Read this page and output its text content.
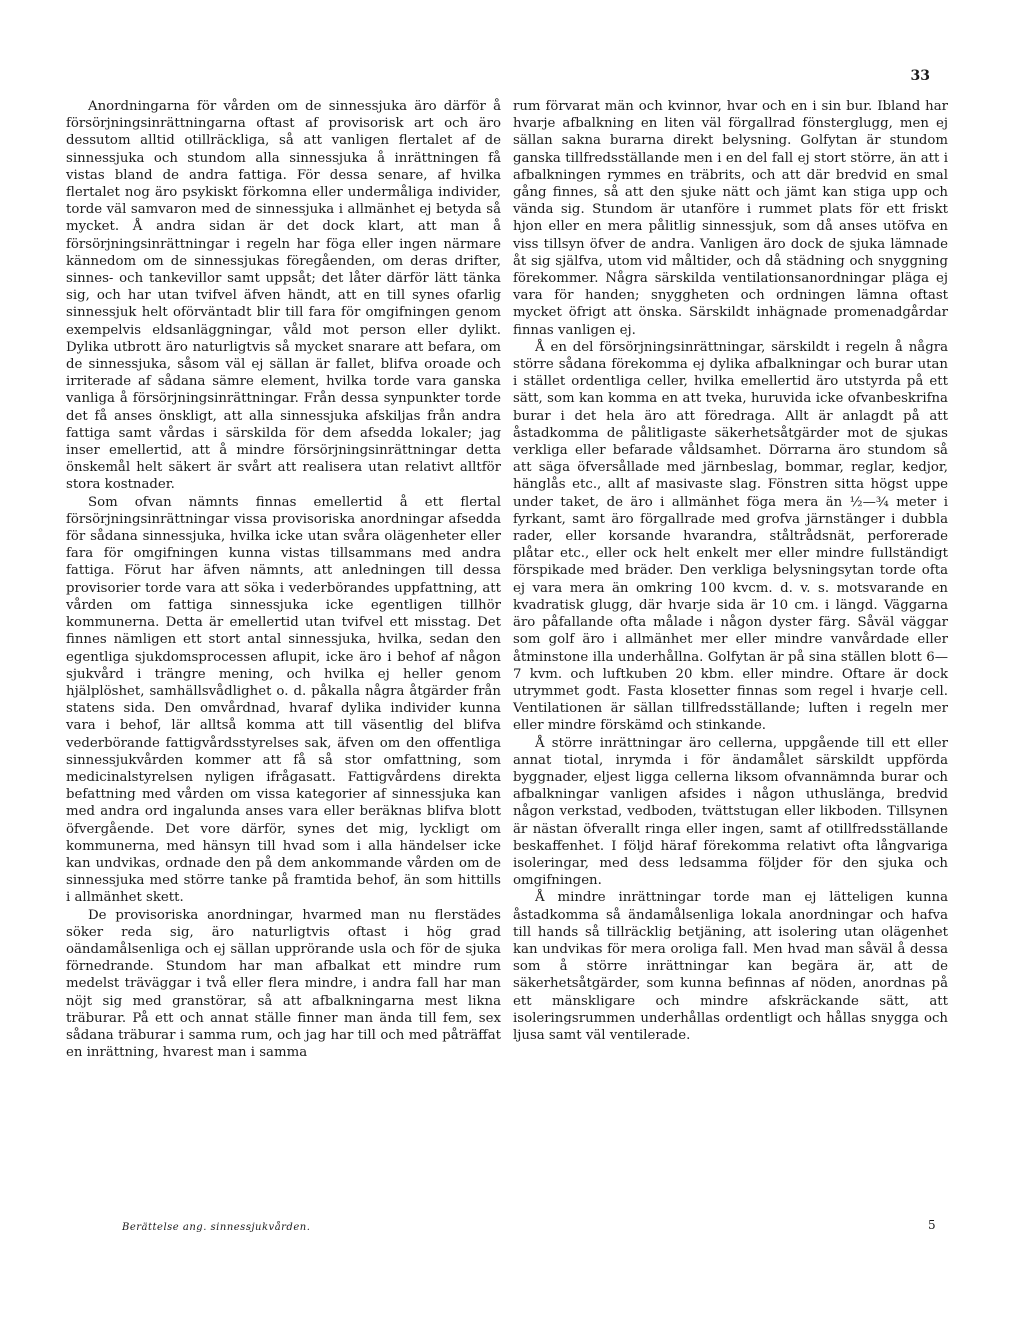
33

Anordningarna för vården om de sinnessjuka äro därför å försörjningsinrättningarna oftast af provisorisk art och äro dessutom alltid otillräckliga, så att vanligen flertalet af de sinnessjuka och stundom alla sinnessjuka å inrättningen få vistas bland de andra fattiga. För dessa senare, af hvilka flertalet nog äro psykiskt förkomna eller undermåliga individer, torde väl samvaron med de sinnessjuka i allmänhet ej betyda så mycket. Å andra sidan är det dock klart, att man å försörjningsinrättningar i regeln har föga eller ingen närmare kännedom om de sinnessjukas föregåenden, om deras drifter, sinnes- och tankevillor samt uppsåt; det låter därför lätt tänka sig, och har utan tvifvel äfven händt, att en till synes ofarlig sinnessjuk helt oförväntadt blir till fara för omgifningen genom exempelvis eldsanläggningar, våld mot person eller dylikt. Dylika utbrott äro naturligtvis så mycket snarare att befara, om de sinnessjuka, såsom väl ej sällan är fallet, blifva oroade och irriterade af sådana sämre element, hvilka torde vara ganska vanliga å försörjningsinrättningar. Från dessa synpunkter torde det få anses önskligt, att alla sinnessjuka afskiljas från andra fattiga samt vårdas i särskilda för dem afsedda lokaler; jag inser emellertid, att å mindre försörjningsinrättningar detta önskemål helt säkert är svårt att realisera utan relativt alltför stora kostnader.

Som ofvan nämnts finnas emellertid å ett flertal försörjningsinrättningar vissa provisoriska anordningar afsedda för sådana sinnessjuka, hvilka icke utan svåra olägenheter eller fara för omgifningen kunna vistas tillsammans med andra fattiga. Förut har äfven nämnts, att anledningen till dessa provisorier torde vara att söka i vederbörandes uppfattning, att vården om fattiga sinnessjuka icke egentligen tillhör kommunerna. Detta är emellertid utan tvifvel ett misstag. Det finnes nämligen ett stort antal sinnessjuka, hvilka, sedan den egentliga sjukdomsprocessen aflupit, icke äro i behof af någon sjukvård i trängre mening, och hvilka ej heller genom hjälplöshet, samhällsvådlighet o. d. påkalla några åtgärder från statens sida. Den omvårdnad, hvaraf dylika individer kunna vara i behof, lär alltså komma att till väsentlig del blifva vederbörande fattigvårdsstyrelses sak, äfven om den offentliga sinnessjukvården kommer att få så stor omfattning, som medicinalstyrelsen nyligen ifrågasatt. Fattigvårdens direkta befattning med vården om vissa kategorier af sinnessjuka kan med andra ord ingalunda anses vara eller beräknas blifva blott öfvergående. Det vore därför, synes det mig, lyckligt om kommunerna, med hänsyn till hvad som i alla händelser icke kan undvikas, ordnade den på dem ankommande vården om de sinnessjuka med större tanke på framtida behof, än som hittills i allmänhet skett.

De provisoriska anordningar, hvarmed man nu flerstädes söker reda sig, äro naturligtvis oftast i hög grad oändamålsenliga och ej sällan upprörande usla och för de sjuka förnedrande. Stundom har man afbalkat ett mindre rum medelst träväggar i två eller flera mindre, i andra fall har man nöjt sig med granstörar, så att afbalkningarna mest likna träburar. På ett och annat ställe finner man ända till fem, sex sådana träburar i samma rum, och jag har till och med påträffat en inrättning, hvarest man i samma

rum förvarat män och kvinnor, hvar och en i sin bur. Ibland har hvarje afbalkning en liten väl förgallrad fönsterglugg, men ej sällan sakna burarna direkt belysning. Golfytan är stundom ganska tillfredsställande men i en del fall ej stort större, än att i afbalkningen rymmes en träbrits, och att där bredvid en smal gång finnes, så att den sjuke nätt och jämt kan stiga upp och vända sig. Stundom är utanföre i rummet plats för ett friskt hjon eller en mera pålitlig sinnessjuk, som då anses utöfva en viss tillsyn öfver de andra. Vanligen äro dock de sjuka lämnade åt sig själfva, utom vid måltider, och då städning och snyggning förekommer. Några särskilda ventilationsanordningar pläga ej vara för handen; snyggheten och ordningen lämna oftast mycket öfrigt att önska. Särskildt inhägnade promenadgårdar finnas vanligen ej.

Å en del försörjningsinrättningar, särskildt i regeln å några större sådana förekomma ej dylika afbalkningar och burar utan i stället ordentliga celler, hvilka emellertid äro utstyrda på ett sätt, som kan komma en att tveka, huruvida icke ofvanbeskrifna burar i det hela äro att föredraga. Allt är anlagdt på att åstadkomma de pålitligaste säkerhetsåtgärder mot de sjukas verkliga eller befarade våldsamhet. Dörrarna äro stundom så att säga öfversållade med järnbeslag, bommar, reglar, kedjor, hänglås etc., allt af masivaste slag. Fönstren sitta högst uppe under taket, de äro i allmänhet föga mera än ½—¾ meter i fyrkant, samt äro förgallrade med grofva järnstänger i dubbla rader, eller korsande hvarandra, ståltrådsnät, perforerade plåtar etc., eller ock helt enkelt mer eller mindre fullständigt förspikade med bräder. Den verkliga belysningsytan torde ofta ej vara mera än omkring 100 kvcm. d. v. s. motsvarande en kvadratisk glugg, där hvarje sida är 10 cm. i längd. Väggarna äro påfallande ofta målade i någon dyster färg. Såväl väggar som golf äro i allmänhet mer eller mindre vanvårdade eller åtminstone illa underhållna. Golfytan är på sina ställen blott 6—7 kvm. och luftkuben 20 kbm. eller mindre. Oftare är dock utrymmet godt. Fasta klosetter finnas som regel i hvarje cell. Ventilationen är sällan tillfredsställande; luften i regeln mer eller mindre förskämd och stinkande.

Å större inrättningar äro cellerna, uppgående till ett eller annat tiotal, inrymda i för ändamålet särskildt uppförda byggnader, eljest ligga cellerna liksom ofvannämnda burar och afbalkningar vanligen afsides i någon uthuslänga, bredvid någon verkstad, vedboden, tvättstugan eller likboden. Tillsynen är nästan öfverallt ringa eller ingen, samt af otillfredsställande beskaffenhet. I följd häraf förekomma relativt ofta långvariga isoleringar, med dess ledsamma följder för den sjuka och omgifningen.

Å mindre inrättningar torde man ej lätteligen kunna åstadkomma så ändamålsenliga lokala anordningar och hafva till hands så tillräcklig betjäning, att isolering utan olägenhet kan undvikas för mera oroliga fall. Men hvad man såväl å dessa som å större inrättningar kan begära är, att de säkerhetsåtgärder, som kunna befinnas af nöden, anordnas på ett mänskligare och mindre afskräckande sätt, att isoleringsrummen underhållas ordentligt och hållas snygga och ljusa samt väl ventilerade.

Berättelse ang. sinnessjukvården.	5
